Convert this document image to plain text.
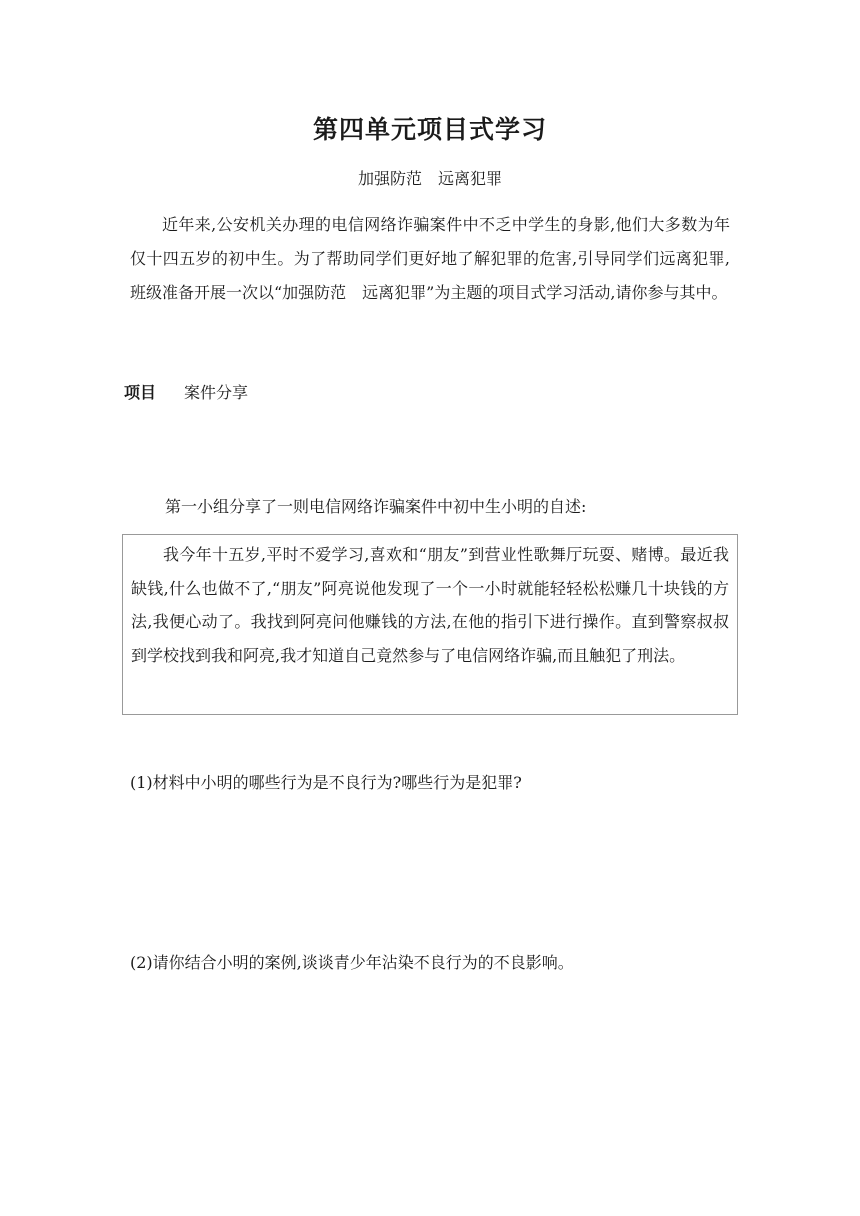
第四单元项目式学习

加强防范　远离犯罪

近年来,公安机关办理的电信网络诈骗案件中不乏中学生的身影,他们大多数为年仅十四五岁的初中生。为了帮助同学们更好地了解犯罪的危害,引导同学们远离犯罪,班级准备开展一次以“加强防范　远离犯罪”为主题的项目式学习活动,请你参与其中。

项目 案件分享

第一小组分享了一则电信网络诈骗案件中初中生小明的自述:

我今年十五岁,平时不爱学习,喜欢和“朋友”到营业性歌舞厅玩耍、赌博。最近我缺钱,什么也做不了,“朋友”阿亮说他发现了一个一小时就能轻轻松松赚几十块钱的方法,我便心动了。我找到阿亮问他赚钱的方法,在他的指引下进行操作。直到警察叔叔到学校找到我和阿亮,我才知道自己竟然参与了电信网络诈骗,而且触犯了刑法。

(1)材料中小明的哪些行为是不良行为?哪些行为是犯罪?

(2)请你结合小明的案例,谈谈青少年沾染不良行为的不良影响。
